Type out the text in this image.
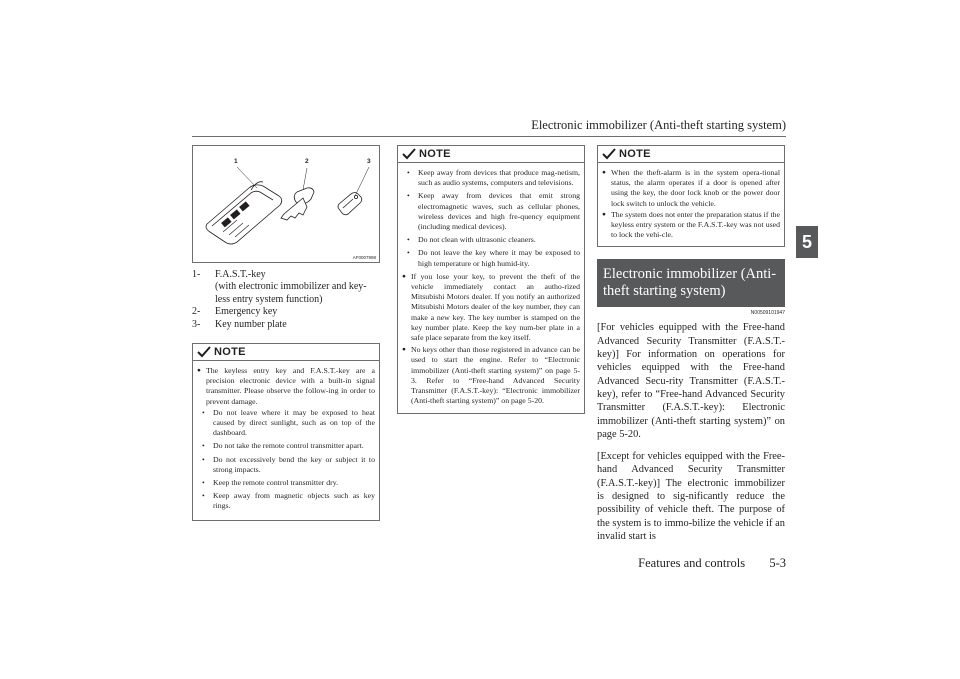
Electronic immobilizer (Anti-theft starting system)
5
1	2	3
AF0007998
1-	F.A.S.T.-key
(with electronic immobilizer and key-less entry system function)
2-	Emergency key
3-	Key number plate
NOTE
● The keyless entry key and F.A.S.T.-key are a precision electronic device with a built-in signal transmitter. Please observe the follow-ing in order to prevent damage.
• Do not leave where it may be exposed to heat caused by direct sunlight, such as on top of the dashboard.
• Do not take the remote control transmitter apart.
• Do not excessively bend the key or subject it to strong impacts.
• Keep the remote control transmitter dry.
• Keep away from magnetic objects such as key rings.
NOTE
• Keep away from devices that produce mag-netism, such as audio systems, computers and televisions.
• Keep away from devices that emit strong electromagnetic waves, such as cellular phones, wireless devices and high fre-quency equipment (including medical devices).
• Do not clean with ultrasonic cleaners.
• Do not leave the key where it may be exposed to high temperature or high humid-ity.
● If you lose your key, to prevent the theft of the vehicle immediately contact an autho-rized Mitsubishi Motors dealer. If you notify an authorized Mitsubishi Motors dealer of the key number, they can make a new key. The key number is stamped on the key number plate. Keep the key num-ber plate in a safe place separate from the key itself.
● No keys other than those registered in advance can be used to start the engine. Refer to “Electronic immobilizer (Anti-theft starting system)” on page 5-3. Refer to “Free-hand Advanced Security Transmitter (F.A.S.T.-key): “Electronic immobilizer (Anti-theft starting system)” on page 5-20.
NOTE
● When the theft-alarm is in the system opera-tional status, the alarm operates if a door is opened after using the key, the door lock knob or the power door lock switch to unlock the vehicle.
● The system does not enter the preparation status if the keyless entry system or the F.A.S.T.-key was not used to lock the vehi-cle.
Electronic immobilizer (Anti-theft starting system)
N00509101947
[For vehicles equipped with the Free-hand Advanced Security Transmitter (F.A.S.T.-key)] For information on operations for vehicles equipped with the Free-hand Advanced Secu-rity Transmitter (F.A.S.T.-key), refer to “Free-hand Advanced Security Transmitter (F.A.S.T.-key): Electronic immobilizer (Anti-theft starting system)” on page 5-20.
[Except for vehicles equipped with the Free-hand Advanced Security Transmitter (F.A.S.T.-key)] The electronic immobilizer is designed to sig-nificantly reduce the possibility of vehicle theft. The purpose of the system is to immo-bilize the vehicle if an invalid start is
Features and controls 5-3
